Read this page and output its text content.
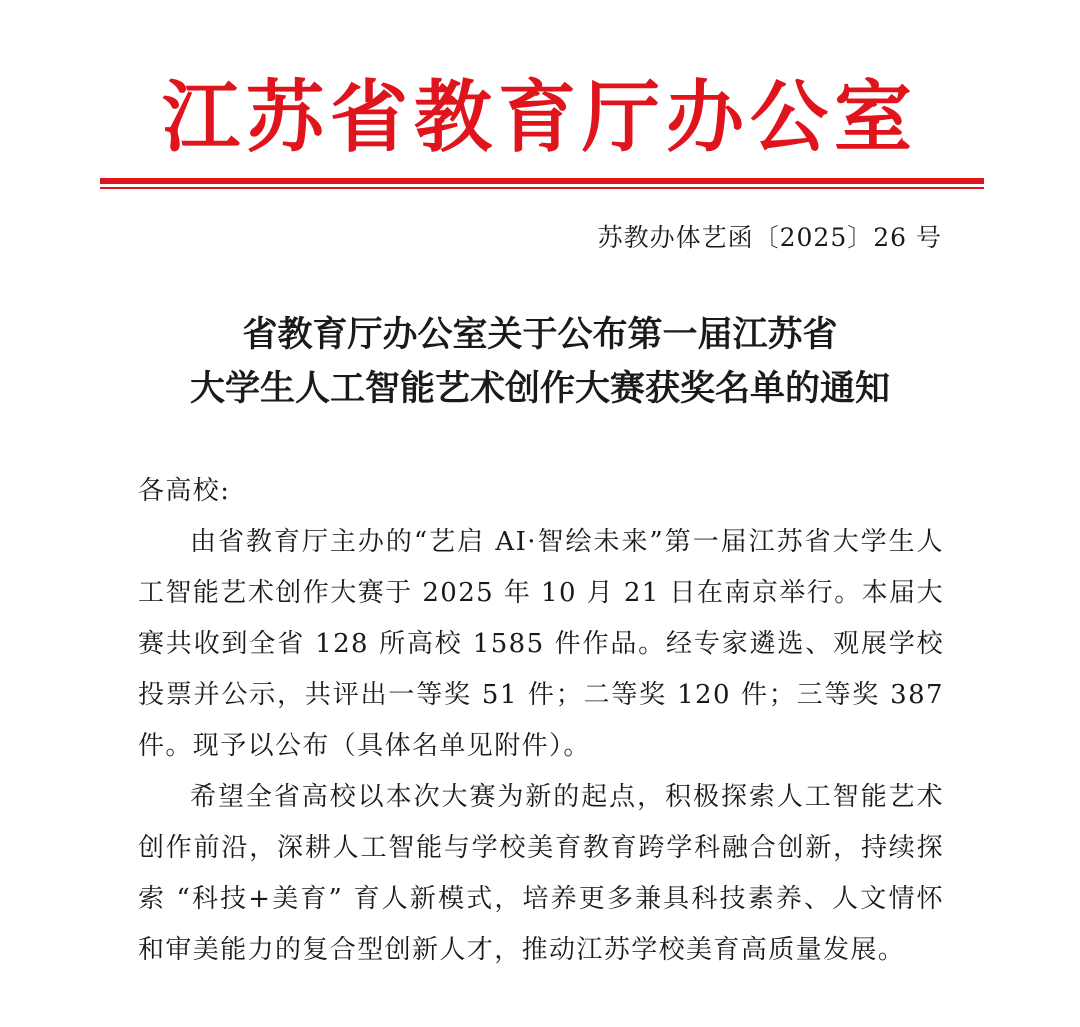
江苏省教育厅办公室
苏教办体艺函〔2025〕26 号
省教育厅办公室关于公布第一届江苏省
大学生人工智能艺术创作大赛获奖名单的通知

各高校:

由省教育厅主办的“艺启 AI·智绘未来”第一届江苏省大学生人工智能艺术创作大赛于 2025 年 10 月 21 日在南京举行。本届大赛共收到全省 128 所高校 1585 件作品。经专家遴选、观展学校投票并公示，共评出一等奖 51 件；二等奖 120 件；三等奖 387 件。现予以公布（具体名单见附件）。

希望全省高校以本次大赛为新的起点，积极探索人工智能艺术创作前沿，深耕人工智能与学校美育教育跨学科融合创新，持续探索 “科技+美育” 育人新模式，培养更多兼具科技素养、人文情怀和审美能力的复合型创新人才，推动江苏学校美育高质量发展。
